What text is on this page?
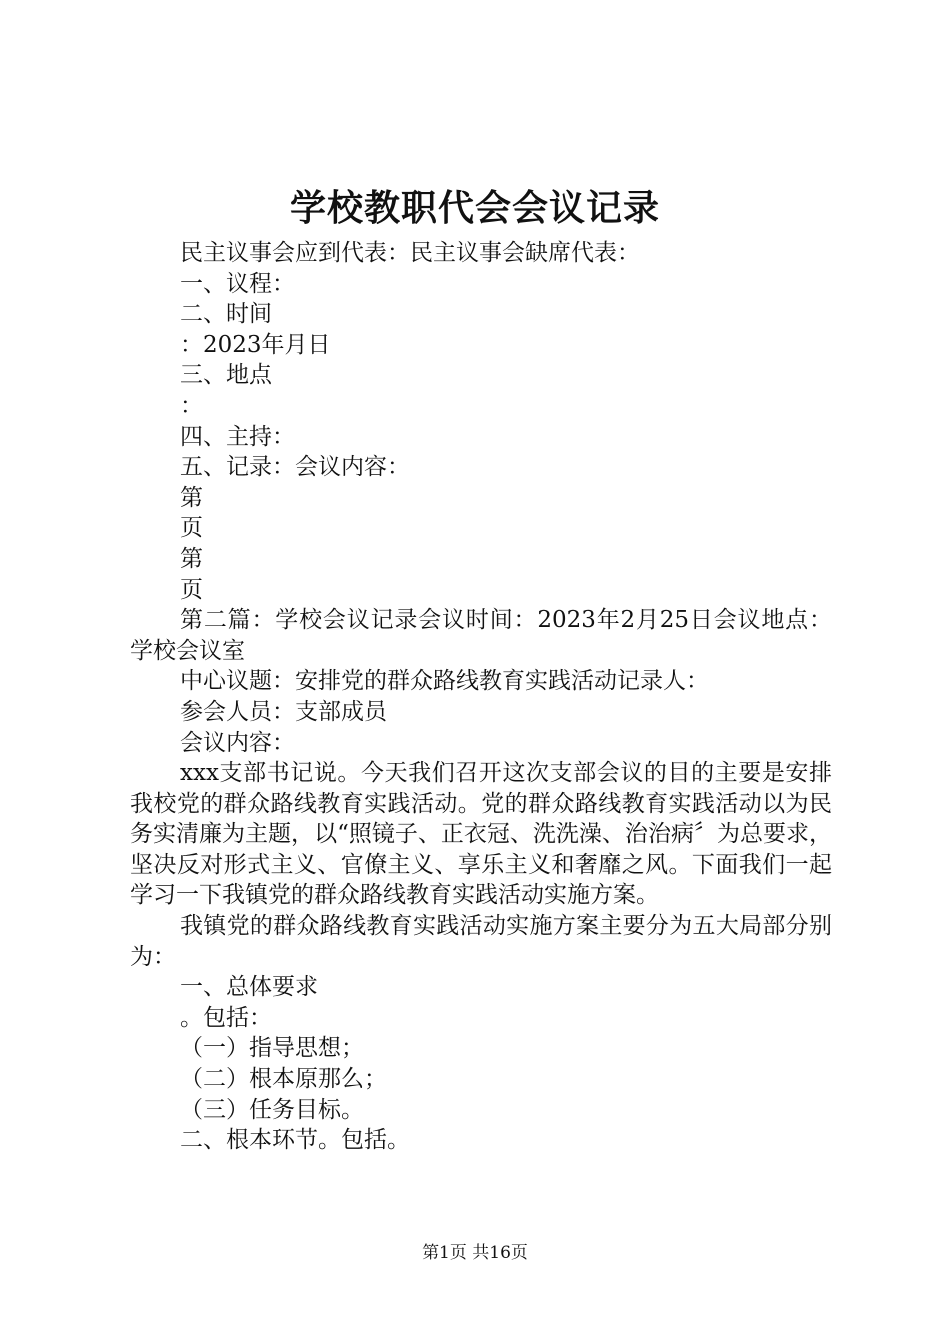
学校教职代会会议记录

民主议事会应到代表：民主议事会缺席代表：

一、议程：

二、时间

：2023年月日

三、地点

：

四、主持：

五、记录：会议内容：

第

页

第

页

第二篇：学校会议记录会议时间：2023年2月25日会议地点：学校会议室

中心议题：安排党的群众路线教育实践活动记录人：

参会人员：支部成员

会议内容：

xxx支部书记说。今天我们召开这次支部会议的目的主要是安排我校党的群众路线教育实践活动。党的群众路线教育实践活动以为民务实清廉为主题，以“照镜子、正衣冠、洗洗澡、治治病〞为总要求，坚决反对形式主义、官僚主义、享乐主义和奢靡之风。下面我们一起学习一下我镇党的群众路线教育实践活动实施方案。

我镇党的群众路线教育实践活动实施方案主要分为五大局部分别为：

一、总体要求

。包括：

（一）指导思想；

（二）根本原那么；

（三）任务目标。

二、根本环节。包括。

第1页 共16页
